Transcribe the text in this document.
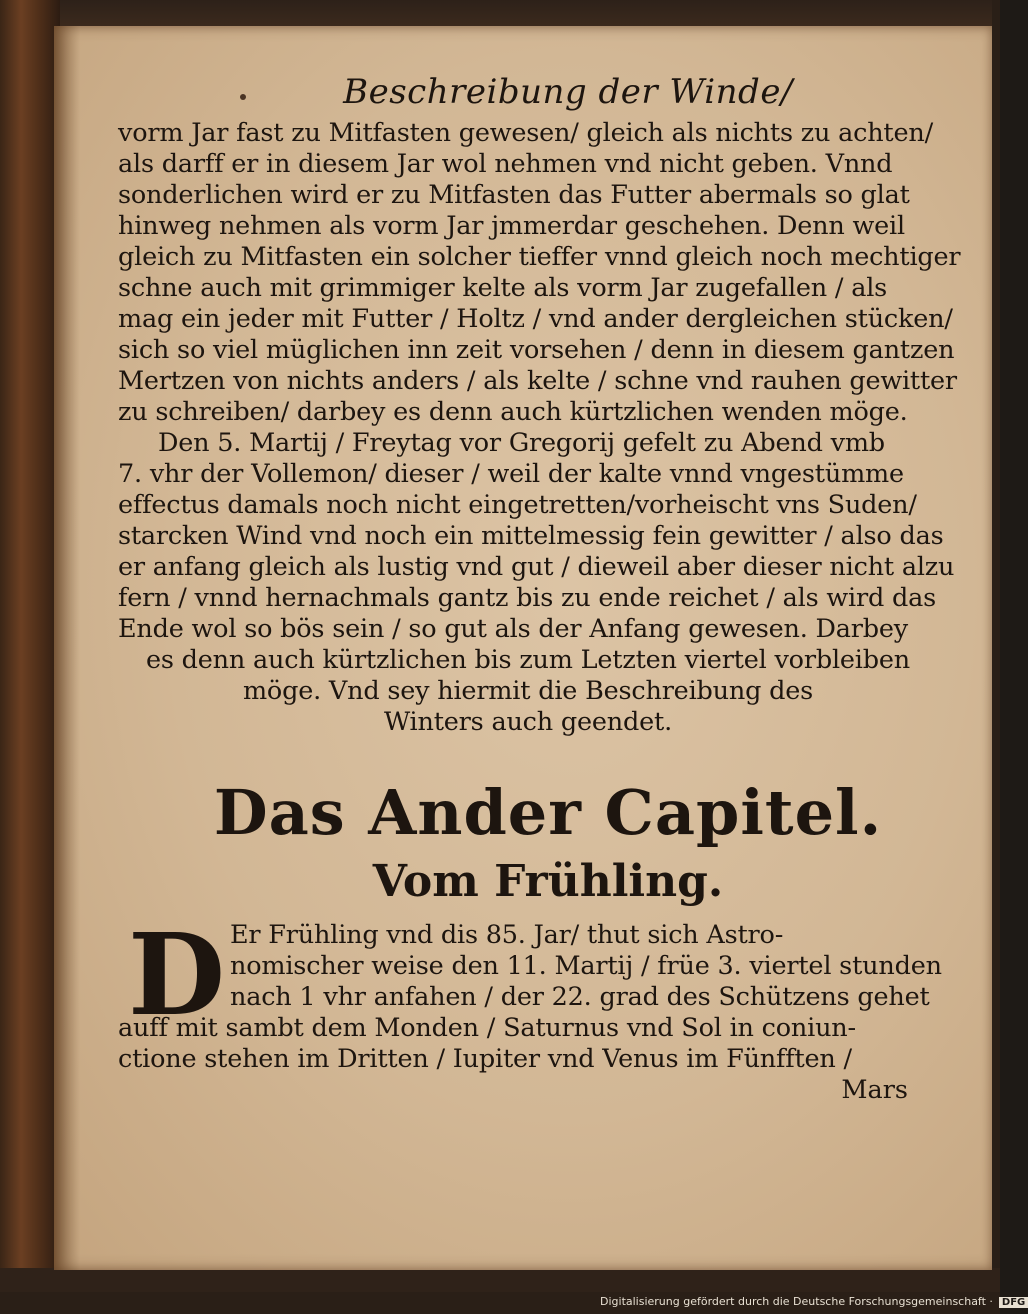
Beschreibung der Winde/
vorm Jar fast zu Mitfasten gewesen/ gleich als nichts zu achten/
als darff er in diesem Jar wol nehmen vnd nicht geben. Vnnd
sonderlichen wird er zu Mitfasten das Futter abermals so glat
hinweg nehmen als vorm Jar jmmerdar geschehen. Denn weil
gleich zu Mitfasten ein solcher tieffer vnnd gleich noch mechtiger
schne auch mit grimmiger kelte als vorm Jar zugefallen / als
mag ein jeder mit Futter / Holtz / vnd ander dergleichen stücken/
sich so viel müglichen inn zeit vorsehen / denn in diesem gantzen
Mertzen von nichts anders / als kelte / schne vnd rauhen gewitter
zu schreiben/ darbey es denn auch kürtzlichen wenden möge.
Den 5. Martij / Freytag vor Gregorij gefelt zu Abend vmb
7. vhr der Vollemon/ dieser / weil der kalte vnnd vngestümme
effectus damals noch nicht eingetretten/vorheischt vns Suden/
starcken Wind vnd noch ein mittelmessig fein gewitter / also das
er anfang gleich als lustig vnd gut / dieweil aber dieser nicht alzu
fern / vnnd hernachmals gantz bis zu ende reichet / als wird das
Ende wol so bös sein / so gut als der Anfang gewesen. Darbey
es denn auch kürtzlichen bis zum Letzten viertel vorbleiben
möge. Vnd sey hiermit die Beschreibung des
Winters auch geendet.
Das Ander Capitel.
Vom Frühling.
D Er Frühling vnd dis 85. Jar/ thut sich Astro-
nomischer weise den 11. Martij / früe 3. viertel stunden
nach 1 vhr anfahen / der 22. grad des Schützens gehet
auff mit sambt dem Monden / Saturnus vnd Sol in coniun-
ctione stehen im Dritten / Iupiter vnd Venus im Fünfften /
Mars
Digitalisierung gefördert durch die Deutsche Forschungsgemeinschaft · DFG
